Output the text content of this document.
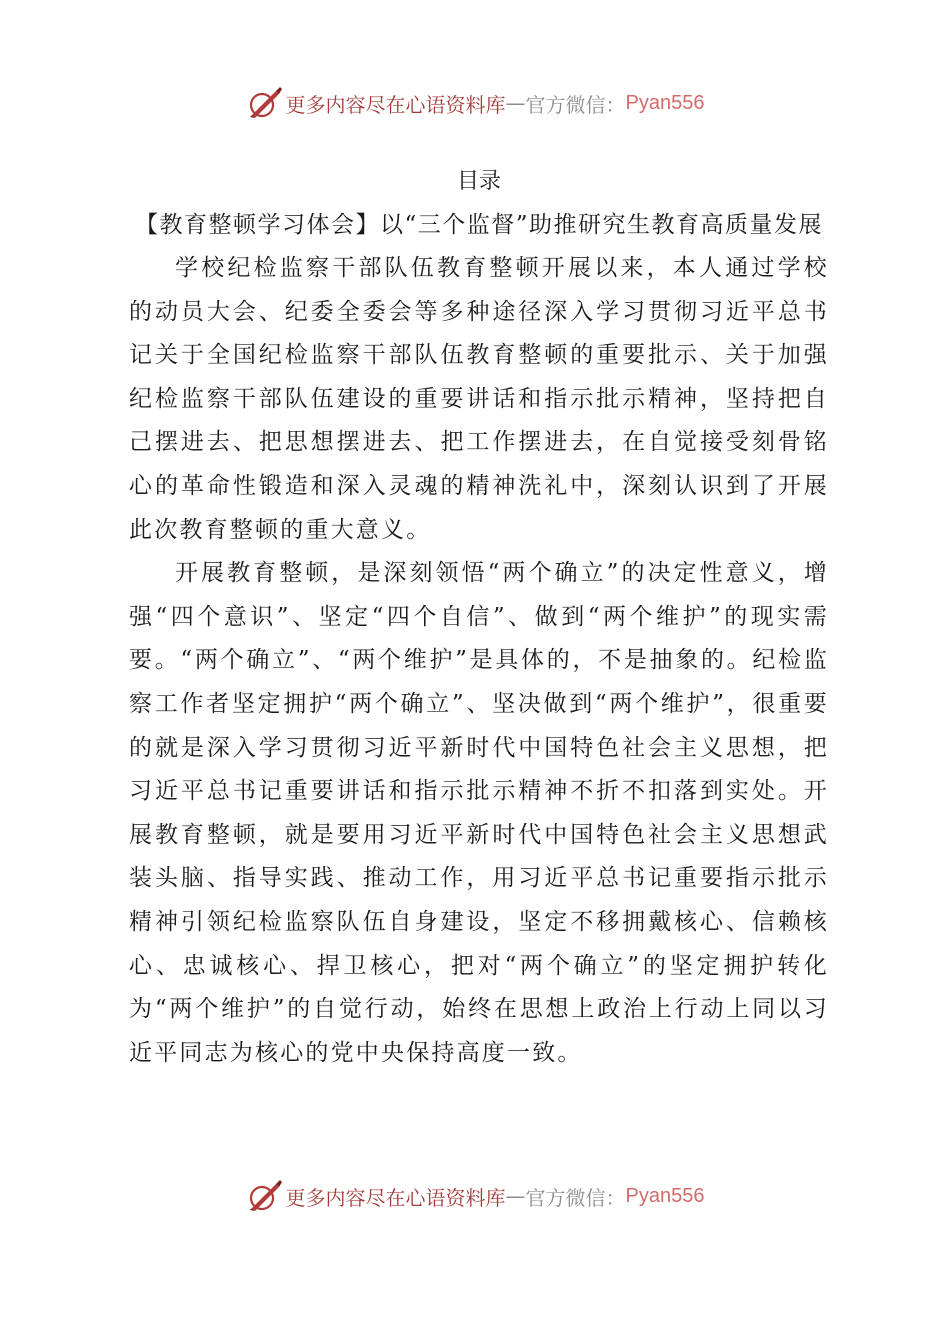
更多内容尽在心语资料库 — 官方微信： Pyan556

目录

【教育整顿学习体会】以“三个监督”助推研究生教育高质量发展

学校纪检监察干部队伍教育整顿开展以来，本人通过学校的动员大会、纪委全委会等多种途径深入学习贯彻习近平总书记关于全国纪检监察干部队伍教育整顿的重要批示、关于加强纪检监察干部队伍建设的重要讲话和指示批示精神，坚持把自己摆进去、把思想摆进去、把工作摆进去，在自觉接受刻骨铭心的革命性锻造和深入灵魂的精神洗礼中，深刻认识到了开展此次教育整顿的重大意义。

开展教育整顿，是深刻领悟“两个确立”的决定性意义，增强“四个意识”、坚定“四个自信”、做到“两个维护”的现实需要。“两个确立”、“两个维护”是具体的，不是抽象的。纪检监察工作者坚定拥护“两个确立”、坚决做到“两个维护”，很重要的就是深入学习贯彻习近平新时代中国特色社会主义思想，把习近平总书记重要讲话和指示批示精神不折不扣落到实处。开展教育整顿，就是要用习近平新时代中国特色社会主义思想武装头脑、指导实践、推动工作，用习近平总书记重要指示批示精神引领纪检监察队伍自身建设，坚定不移拥戴核心、信赖核心、忠诚核心、捍卫核心，把对“两个确立”的坚定拥护转化为“两个维护”的自觉行动，始终在思想上政治上行动上同以习近平同志为核心的党中央保持高度一致。

更多内容尽在心语资料库 — 官方微信： Pyan556
